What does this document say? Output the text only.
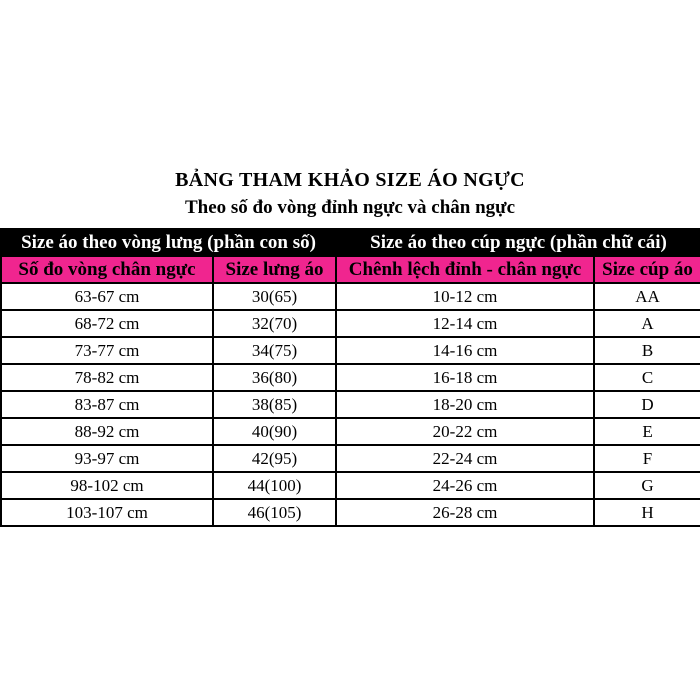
BẢNG THAM KHẢO SIZE ÁO NGỰC
Theo số đo vòng đỉnh ngực và chân ngực
Size áo theo vòng lưng (phần con số)		Size áo theo cúp ngực (phần chữ cái)	
Số đo vòng chân ngực	Size lưng áo	Chênh lệch đỉnh - chân ngực	Size cúp áo
63-67 cm	30(65)	10-12 cm	AA
68-72 cm	32(70)	12-14 cm	A
73-77 cm	34(75)	14-16 cm	B
78-82 cm	36(80)	16-18 cm	C
83-87 cm	38(85)	18-20 cm	D
88-92 cm	40(90)	20-22 cm	E
93-97 cm	42(95)	22-24 cm	F
98-102 cm	44(100)	24-26 cm	G
103-107 cm	46(105)	26-28 cm	H
